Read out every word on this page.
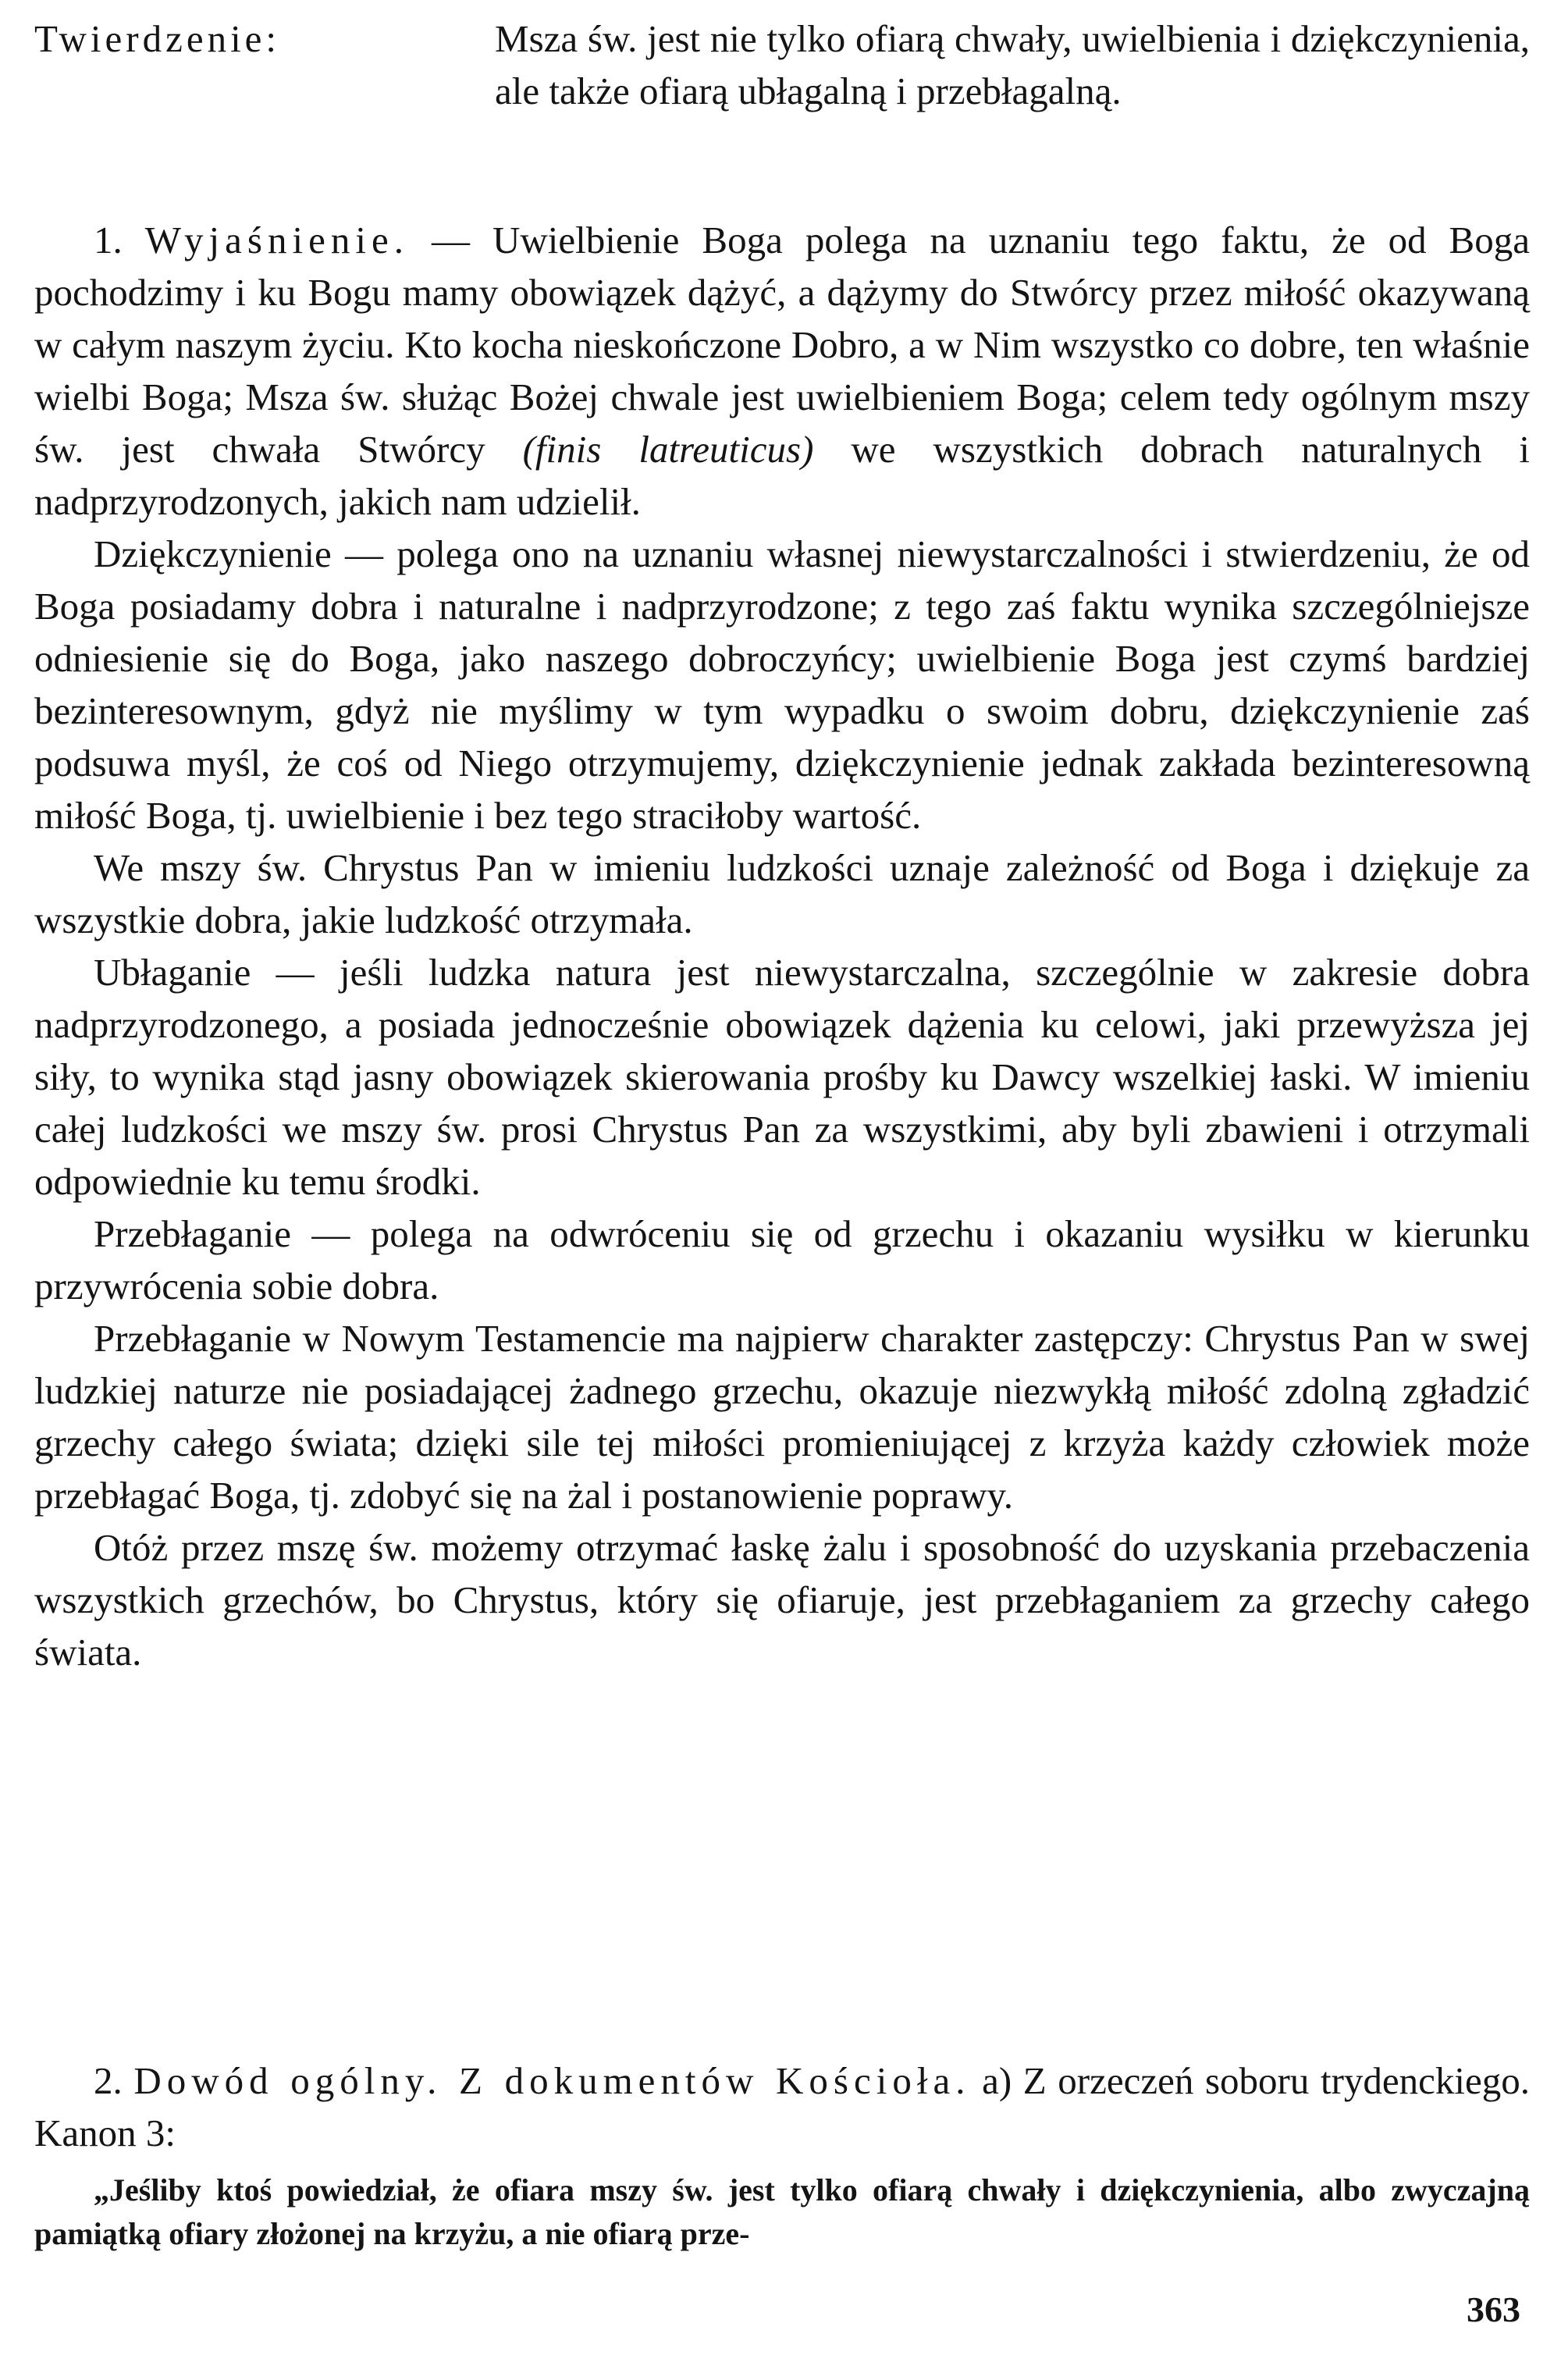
Twierdzenie:	Msza św. jest nie tylko ofiarą chwały, uwielbienia i dziękczynienia, ale także ofiarą ubłagalną i przebłagalną.

1. Wyjaśnienie. — Uwielbienie Boga polega na uznaniu tego faktu, że od Boga pochodzimy i ku Bogu mamy obowiązek dążyć, a dążymy do Stwórcy przez miłość okazywaną w całym naszym życiu. Kto kocha nieskończone Dobro, a w Nim wszystko co dobre, ten właśnie wielbi Boga; Msza św. służąc Bożej chwale jest uwielbieniem Boga; celem tedy ogólnym mszy św. jest chwała Stwórcy (finis latreuticus) we wszystkich dobrach naturalnych i nadprzyrodzonych, jakich nam udzielił.

Dziękczynienie — polega ono na uznaniu własnej niewystarczalności i stwierdzeniu, że od Boga posiadamy dobra i naturalne i nadprzyrodzone; z tego zaś faktu wynika szczególniejsze odniesienie się do Boga, jako naszego dobroczyńcy; uwielbienie Boga jest czymś bardziej bezinteresownym, gdyż nie myślimy w tym wypadku o swoim dobru, dziękczynienie zaś podsuwa myśl, że coś od Niego otrzymujemy, dziękczynienie jednak zakłada bezinteresowną miłość Boga, tj. uwielbienie i bez tego straciłoby wartość.

We mszy św. Chrystus Pan w imieniu ludzkości uznaje zależność od Boga i dziękuje za wszystkie dobra, jakie ludzkość otrzymała.

Ubłaganie — jeśli ludzka natura jest niewystarczalna, szczególnie w zakresie dobra nadprzyrodzonego, a posiada jednocześnie obowiązek dążenia ku celowi, jaki przewyższa jej siły, to wynika stąd jasny obowiązek skierowania prośby ku Dawcy wszelkiej łaski. W imieniu całej ludzkości we mszy św. prosi Chrystus Pan za wszystkimi, aby byli zbawieni i otrzymali odpowiednie ku temu środki.

Przebłaganie — polega na odwróceniu się od grzechu i okazaniu wysiłku w kierunku przywrócenia sobie dobra.

Przebłaganie w Nowym Testamencie ma najpierw charakter zastępczy: Chrystus Pan w swej ludzkiej naturze nie posiadającej żadnego grzechu, okazuje niezwykłą miłość zdolną zgładzić grzechy całego świata; dzięki sile tej miłości promieniującej z krzyża każdy człowiek może przebłagać Boga, tj. zdobyć się na żal i postanowienie poprawy.

Otóż przez mszę św. możemy otrzymać łaskę żalu i sposobność do uzyskania przebaczenia wszystkich grzechów, bo Chrystus, który się ofiaruje, jest przebłaganiem za grzechy całego świata.

2. Dowód ogólny. Z dokumentów Kościoła. a) Z orzeczeń soboru trydenckiego. Kanon 3:

„Jeśliby ktoś powiedział, że ofiara mszy św. jest tylko ofiarą chwały i dziękczynienia, albo zwyczajną pamiątką ofiary złożonej na krzyżu, a nie ofiarą prze-

363
